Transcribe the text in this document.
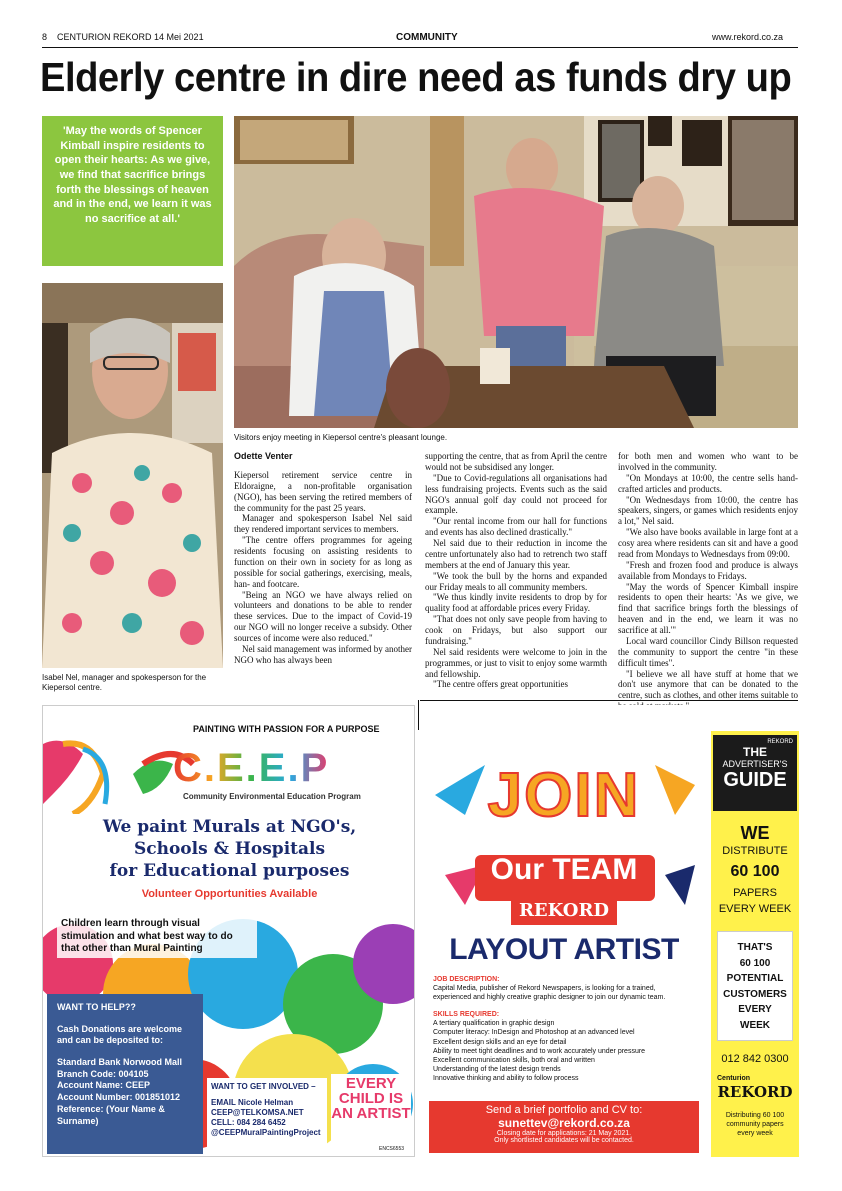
8 CENTURION REKORD 14 Mei 2021	COMMUNITY	www.rekord.co.za
Elderly centre in dire need as funds dry up
'May the words of Spencer Kimball inspire residents to open their hearts: As we give, we find that sacrifice brings forth the blessings of heaven and in the end, we learn it was no sacrifice at all.'
Visitors enjoy meeting in Kiepersol centre's pleasant lounge.
Isabel Nel, manager and spokesperson for the Kiepersol centre.
Odette Venter

Kiepersol retirement service centre in Eldoraigne, a non-profitable organisation (NGO), has been serving the retired members of the community for the past 25 years.

Manager and spokesperson Isabel Nel said they rendered important services to members.

"The centre offers programmes for ageing residents focusing on assisting residents to function on their own in society for as long as possible for social gatherings, exercising, meals, han- and footcare.

"Being an NGO we have always relied on volunteers and donations to be able to render these services. Due to the impact of Covid-19 our NGO will no longer receive a subsidy. Other sources of income were also reduced."

Nel said management was informed by another NGO who has always been

supporting the centre, that as from April the centre would not be subsidised any longer.

"Due to Covid-regulations all organisations had less fundraising projects. Events such as the said NGO's annual golf day could not proceed for example.

"Our rental income from our hall for functions and events has also declined drastically."

Nel said due to their reduction in income the centre unfortunately also had to retrench two staff members at the end of January this year.

"We took the bull by the horns and expanded our Friday meals to all community members.

"We thus kindly invite residents to drop by for quality food at affordable prices every Friday.

"That does not only save people from having to cook on Fridays, but also support our fundraising."

Nel said residents were welcome to join in the programmes, or just to visit to enjoy some warmth and fellowship.

"The centre offers great opportunities

for both men and women who want to be involved in the community.

"On Mondays at 10:00, the centre sells hand-crafted articles and products.

"On Wednesdays from 10:00, the centre has speakers, singers, or games which residents enjoy a lot," Nel said.

"We also have books available in large font at a cosy area where residents can sit and have a good read from Mondays to Wednesdays from 09:00.

"Fresh and frozen food and produce is always available from Mondays to Fridays.

"May the words of Spencer Kimball inspire residents to open their hearts: 'As we give, we find that sacrifice brings forth the blessings of heaven and in the end, we learn it was no sacrifice at all.'"

Local ward councillor Cindy Billson requested the community to support the centre "in these difficult times".

"I believe we all have stuff at home that we don't use anymore that can be donated to the centre, such as clothes, and other items suitable to

PAINTING WITH PASSION FOR A PURPOSE
C.E.E.P
Community Environmental Education Program
We paint Murals at NGO's,
Schools & Hospitals
for Educational purposes
Volunteer Opportunities Available
Children learn through visual stimulation and what best way to do that other than Mural Painting
WANT TO HELP??
Cash Donations are welcome and can be deposited to:
Standard Bank Norwood Mall
Branch Code: 004105
Account Name: CEEP
Account Number: 001851012
Reference: (Your Name & Surname)
WANT TO GET INVOLVED –
EMAIL Nicole Helman
CEEP@TELKOMSA.NET
CELL: 084 284 6452
@CEEPMuralPaintingProject
EVERY CHILD IS AN ARTIST
ENCS6553
JOIN
Our TEAM
REKORD
LAYOUT ARTIST
JOB DESCRIPTION:
Capital Media, publisher of Rekord Newspapers, is looking for a trained, experienced and highly creative graphic designer to join our dynamic team.
SKILLS REQUIRED:
A tertiary qualification in graphic design
Computer literacy: InDesign and Photoshop at an advanced level
Excellent design skills and an eye for detail
Ability to meet tight deadlines and to work accurately under pressure
Excellent communication skills, both oral and written
Understanding of the latest design trends
Innovative thinking and ability to follow process
Send a brief portfolio and CV to:
sunettev@rekord.co.za
Closing date for applications: 21 May 2021.
Only shortlisted candidates will be contacted.
REKORD
THE
ADVERTISER'S
GUIDE
WE
DISTRIBUTE
60 100
PAPERS
EVERY WEEK
THAT'S
60 100
POTENTIAL
CUSTOMERS
EVERY
WEEK
012 842 0300
Centurion
REKORD
Distributing 60 100 community papers every week
